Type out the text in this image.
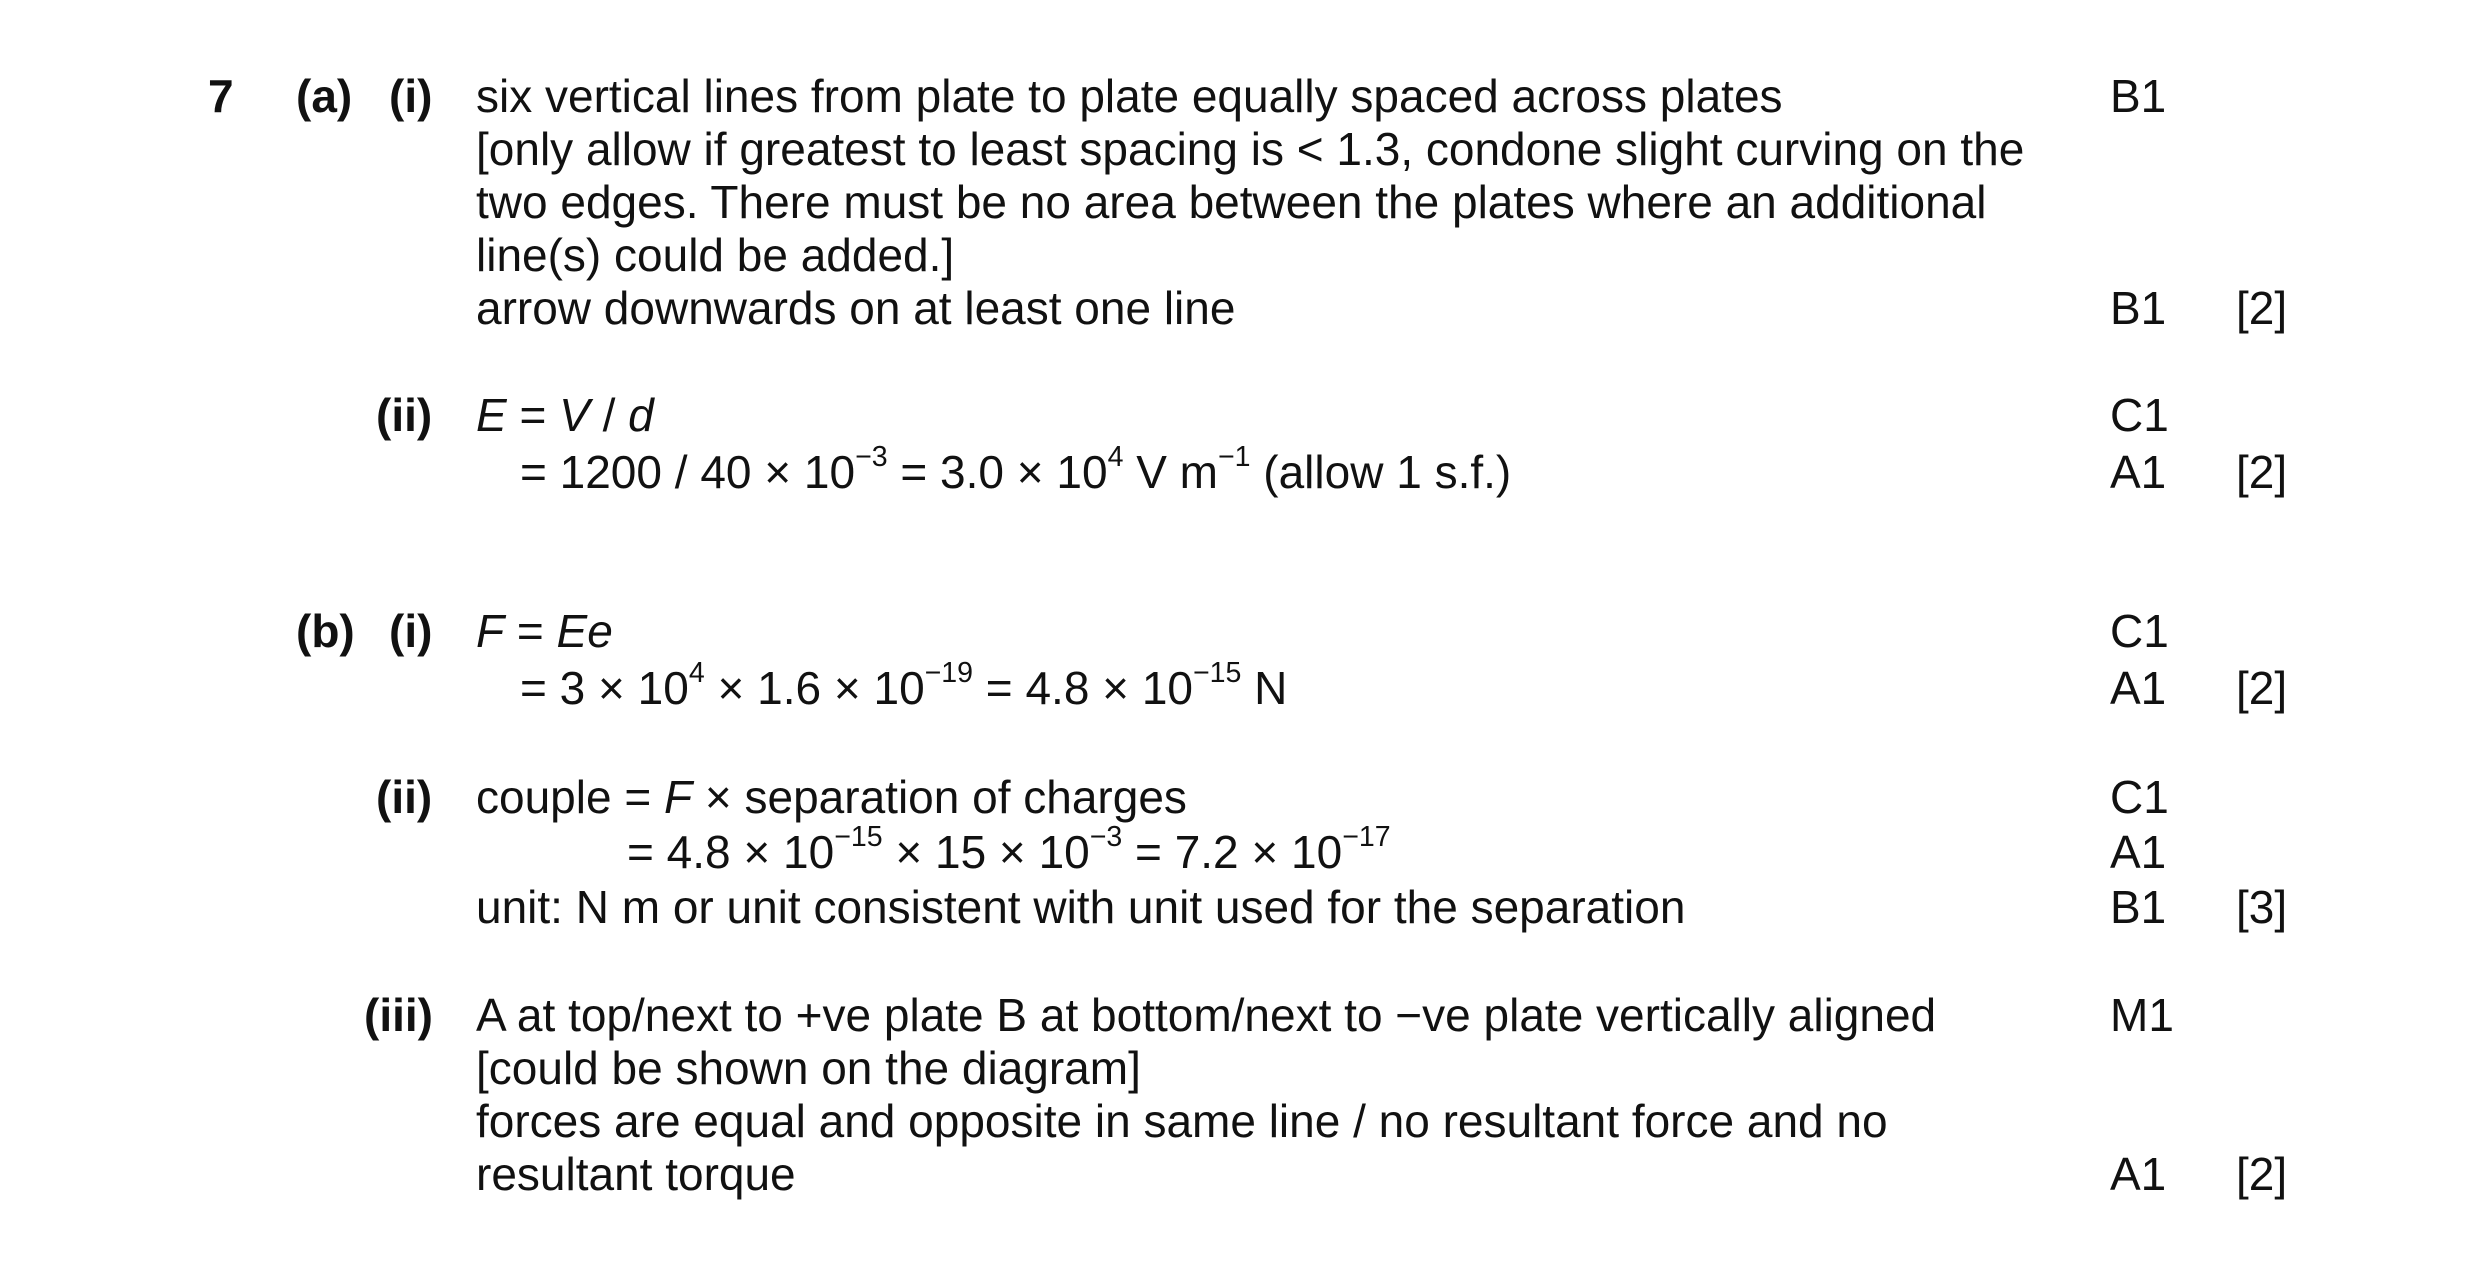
7 (a) (i) six vertical lines from plate to plate equally spaced across plates
[only allow if greatest to least spacing is < 1.3, condone slight curving on the
two edges. There must be no area between the plates where an additional
line(s) could be added.]
arrow downwards on at least one line
B1
B1 [2]
(ii) E = V / d
= $1200 / 40 \times 10^{-3} = 3.0 \times 10^4$ V $m^{-1}$ (allow 1 s.f.)
C1
A1 [2]
(b) (i) F = Ee
= $3 \times 10^4 \times 1.6 \times 10^{-19} = 4.8 \times 10^{-15}$ N
C1
A1 [2]
(ii) couple = F × separation of charges
= $4.8 \times 10^{-15} \times 15 \times 10^{-3} = 7.2 \times 10^{-17}$
unit: N m or unit consistent with unit used for the separation
C1
A1
B1 [3]
(iii) A at top/next to +ve plate B at bottom/next to −ve plate vertically aligned
[could be shown on the diagram]
forces are equal and opposite in same line / no resultant force and no
resultant torque
M1
A1 [2]
